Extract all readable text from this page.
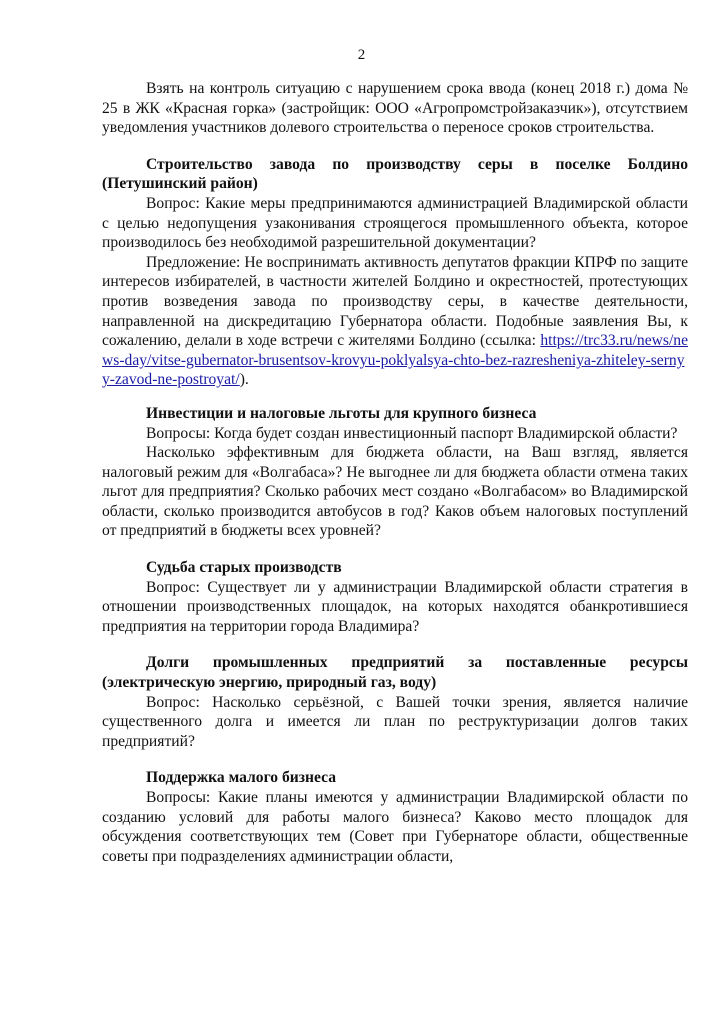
2

Взять на контроль ситуацию с нарушением срока ввода (конец 2018 г.) дома № 25 в ЖК «Красная горка» (застройщик: ООО «Агропромстройзаказчик»), отсутствием уведомления участников долевого строительства о переносе сроков строительства.

Строительство завода по производству серы в поселке Болдино (Петушинский район)

Вопрос: Какие меры предпринимаются администрацией Владимирской области с целью недопущения узаконивания строящегося промышленного объекта, которое производилось без необходимой разрешительной документации?

Предложение: Не воспринимать активность депутатов фракции КПРФ по защите интересов избирателей, в частности жителей Болдино и окрестностей, протестующих против возведения завода по производству серы, в качестве деятельности, направленной на дискредитацию Губернатора области. Подобные заявления Вы, к сожалению, делали в ходе встречи с жителями Болдино (ссылка: https://trc33.ru/news/news-day/vitse-gubernator-brusentsov-krovyu-poklyalsya-chto-bez-razresheniya-zhiteley-sernyy-zavod-ne-postroyat/).

Инвестиции и налоговые льготы для крупного бизнеса

Вопросы: Когда будет создан инвестиционный паспорт Владимирской области?

Насколько эффективным для бюджета области, на Ваш взгляд, является налоговый режим для «Волгабаса»? Не выгоднее ли для бюджета области отмена таких льгот для предприятия? Сколько рабочих мест создано «Волгабасом» во Владимирской области, сколько производится автобусов в год? Каков объем налоговых поступлений от предприятий в бюджеты всех уровней?

Судьба старых производств

Вопрос: Существует ли у администрации Владимирской области стратегия в отношении производственных площадок, на которых находятся обанкротившиеся предприятия на территории города Владимира?

Долги промышленных предприятий за поставленные ресурсы (электрическую энергию, природный газ, воду)

Вопрос: Насколько серьёзной, с Вашей точки зрения, является наличие существенного долга и имеется ли план по реструктуризации долгов таких предприятий?

Поддержка малого бизнеса

Вопросы: Какие планы имеются у администрации Владимирской области по созданию условий для работы малого бизнеса? Каково место площадок для обсуждения соответствующих тем (Совет при Губернаторе области, общественные советы при подразделениях администрации области,
